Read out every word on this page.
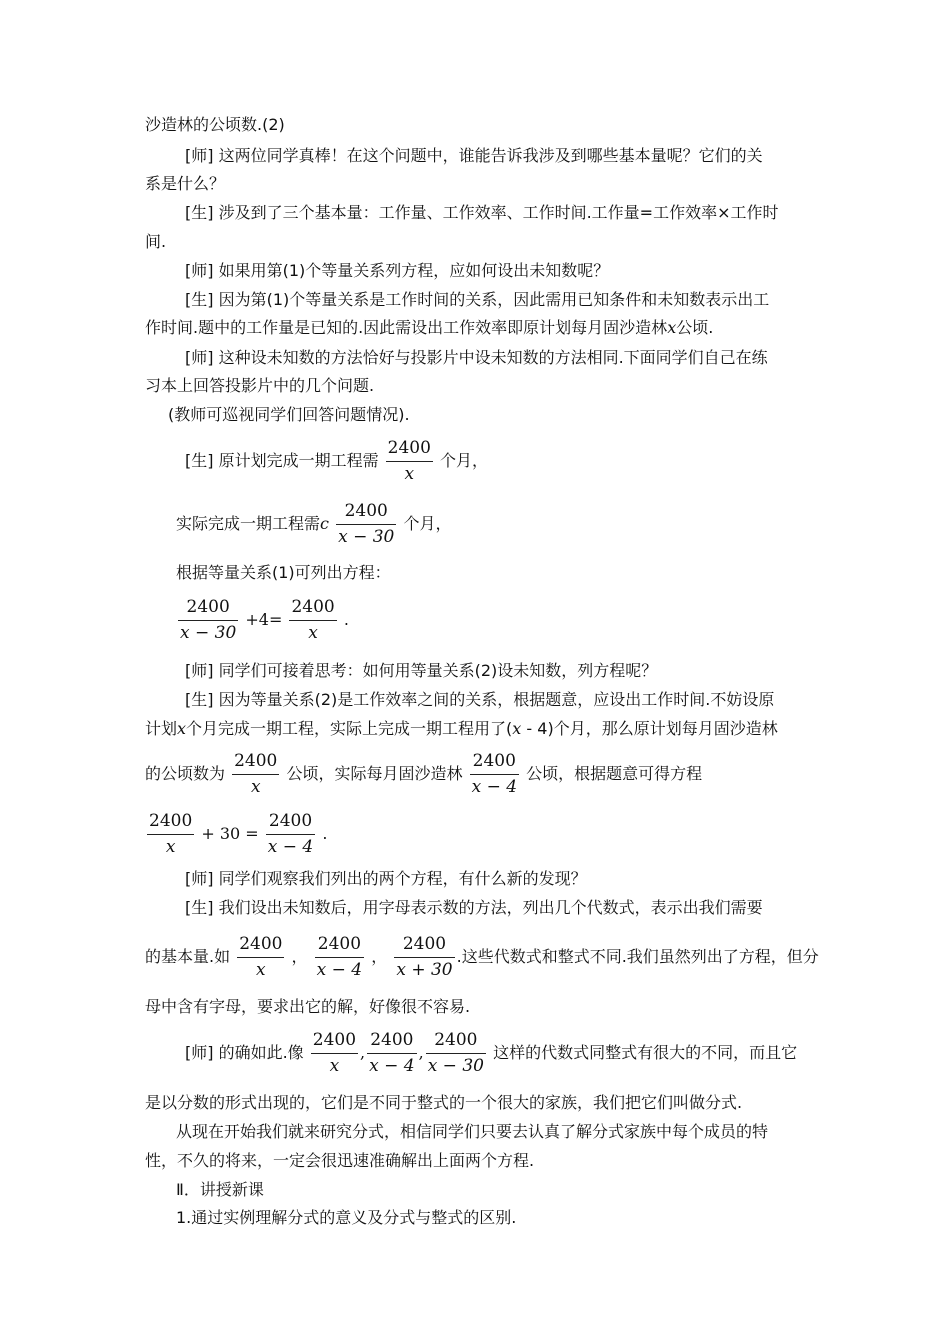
沙造林的公顷数.(2)
[师] 这两位同学真棒！在这个问题中，谁能告诉我涉及到哪些基本量呢？它们的关
系是什么？
[生] 涉及到了三个基本量：工作量、工作效率、工作时间.工作量=工作效率×工作时
间.
[师] 如果用第(1)个等量关系列方程，应如何设出未知数呢？
[生] 因为第(1)个等量关系是工作时间的关系，因此需用已知条件和未知数表示出工
作时间.题中的工作量是已知的.因此需设出工作效率即原计划每月固沙造林x公顷.
[师] 这种设未知数的方法恰好与投影片中设未知数的方法相同.下面同学们自己在练
习本上回答投影片中的几个问题.
(教师可巡视同学们回答问题情况).
[生] 原计划完成一期工程需 $\frac{2400}{x}$ 个月，
实际完成一期工程需c $\frac{2400}{x - 30}$ 个月，
根据等量关系(1)可列出方程：
$\frac{2400}{x - 30} +4= \frac{2400}{x}$ .
[师] 同学们可接着思考：如何用等量关系(2)设未知数，列方程呢？
[生] 因为等量关系(2)是工作效率之间的关系，根据题意，应设出工作时间.不妨设原
计划x个月完成一期工程，实际上完成一期工程用了(x - 4)个月，那么原计划每月固沙造林
的公顷数为 $\frac{2400}{x}$ 公顷，实际每月固沙造林 $\frac{2400}{x - 4}$ 公顷，根据题意可得方程
$\frac{2400}{x} + 30 = \frac{2400}{x - 4}$ .
[师] 同学们观察我们列出的两个方程，有什么新的发现？
[生] 我们设出未知数后，用字母表示数的方法，列出几个代数式，表示出我们需要
的基本量.如 $\frac{2400}{x}$ ， $\frac{2400}{x - 4}$ ， $\frac{2400}{x + 30}$ .这些代数式和整式不同.我们虽然列出了方程，但分
母中含有字母，要求出它的解，好像很不容易.
[师] 的确如此.像 $\frac{2400}{x}$ , $\frac{2400}{x - 4}$ , $\frac{2400}{x - 30}$ 这样的代数式同整式有很大的不同，而且它
是以分数的形式出现的，它们是不同于整式的一个很大的家族，我们把它们叫做分式.
从现在开始我们就来研究分式，相信同学们只要去认真了解分式家族中每个成员的特
性，不久的将来，一定会很迅速准确解出上面两个方程.
Ⅱ．讲授新课
1.通过实例理解分式的意义及分式与整式的区别.
